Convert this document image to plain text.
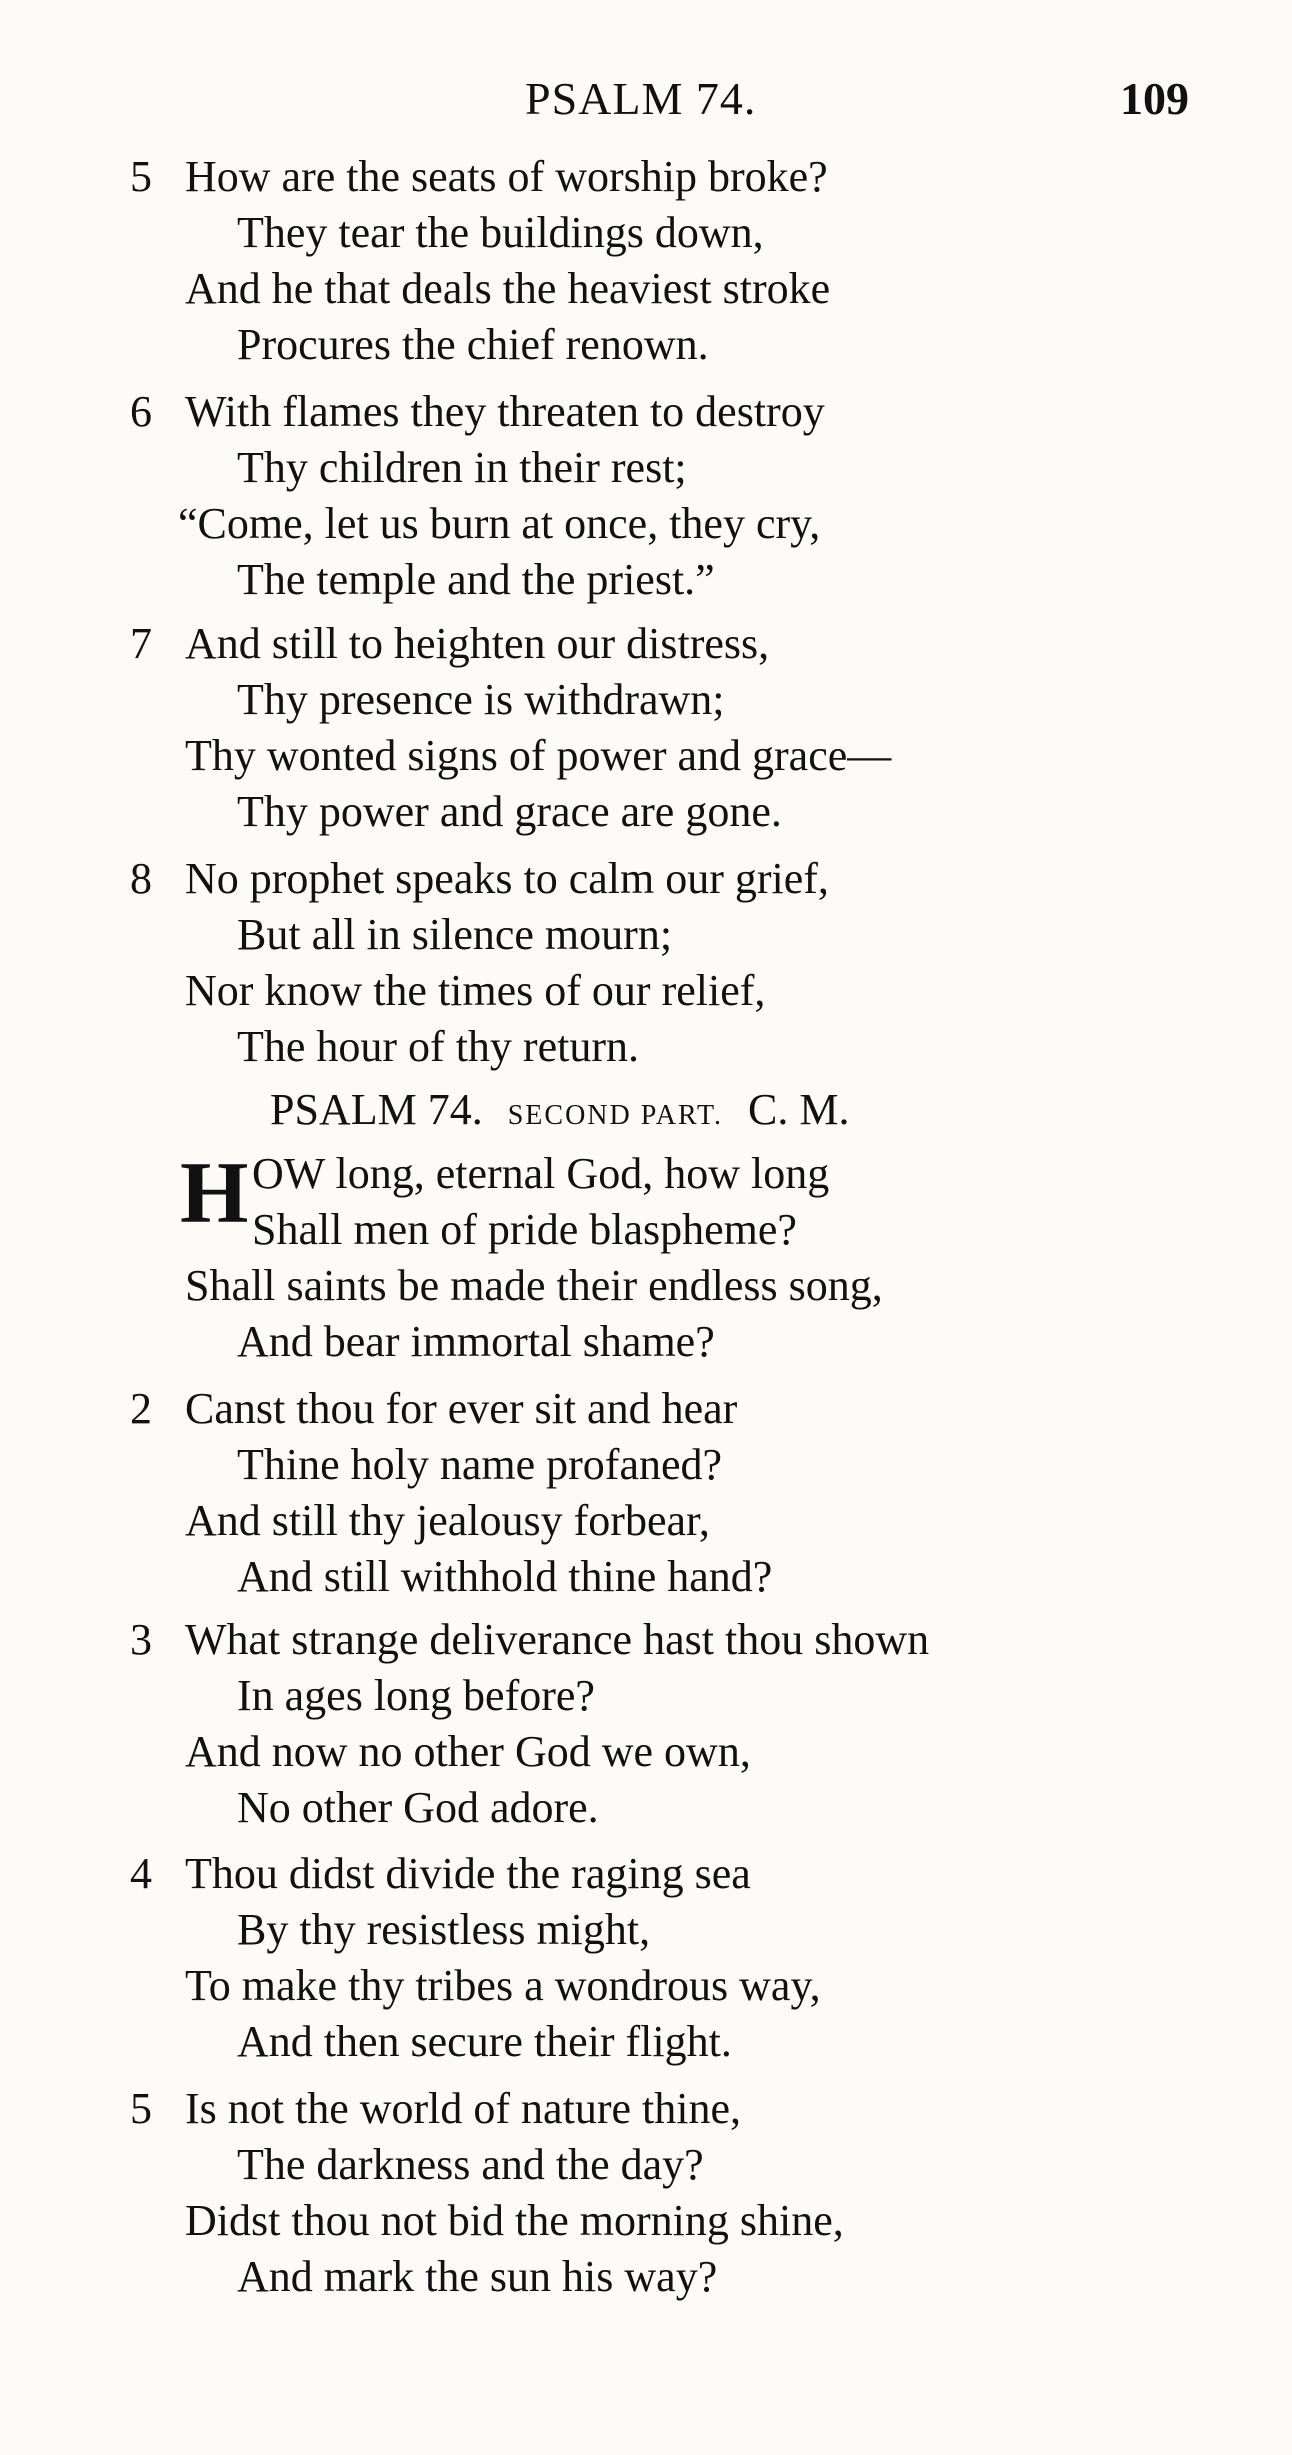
PSALM 74.	109
5 How are the seats of worship broke?
They tear the buildings down,
And he that deals the heaviest stroke
Procures the chief renown.
6 With flames they threaten to destroy
Thy children in their rest;
“Come, let us burn at once, they cry,
The temple and the priest.”
7 And still to heighten our distress,
Thy presence is withdrawn;
Thy wonted signs of power and grace—
Thy power and grace are gone.
8 No prophet speaks to calm our grief,
But all in silence mourn;
Nor know the times of our relief,
The hour of thy return.
PSALM 74. SECOND PART. C. M.
H OW long, eternal God, how long
Shall men of pride blaspheme?
Shall saints be made their endless song,
And bear immortal shame?
2 Canst thou for ever sit and hear
Thine holy name profaned?
And still thy jealousy forbear,
And still withhold thine hand?
3 What strange deliverance hast thou shown
In ages long before?
And now no other God we own,
No other God adore.
4 Thou didst divide the raging sea
By thy resistless might,
To make thy tribes a wondrous way,
And then secure their flight.
5 Is not the world of nature thine,
The darkness and the day?
Didst thou not bid the morning shine,
And mark the sun his way?
